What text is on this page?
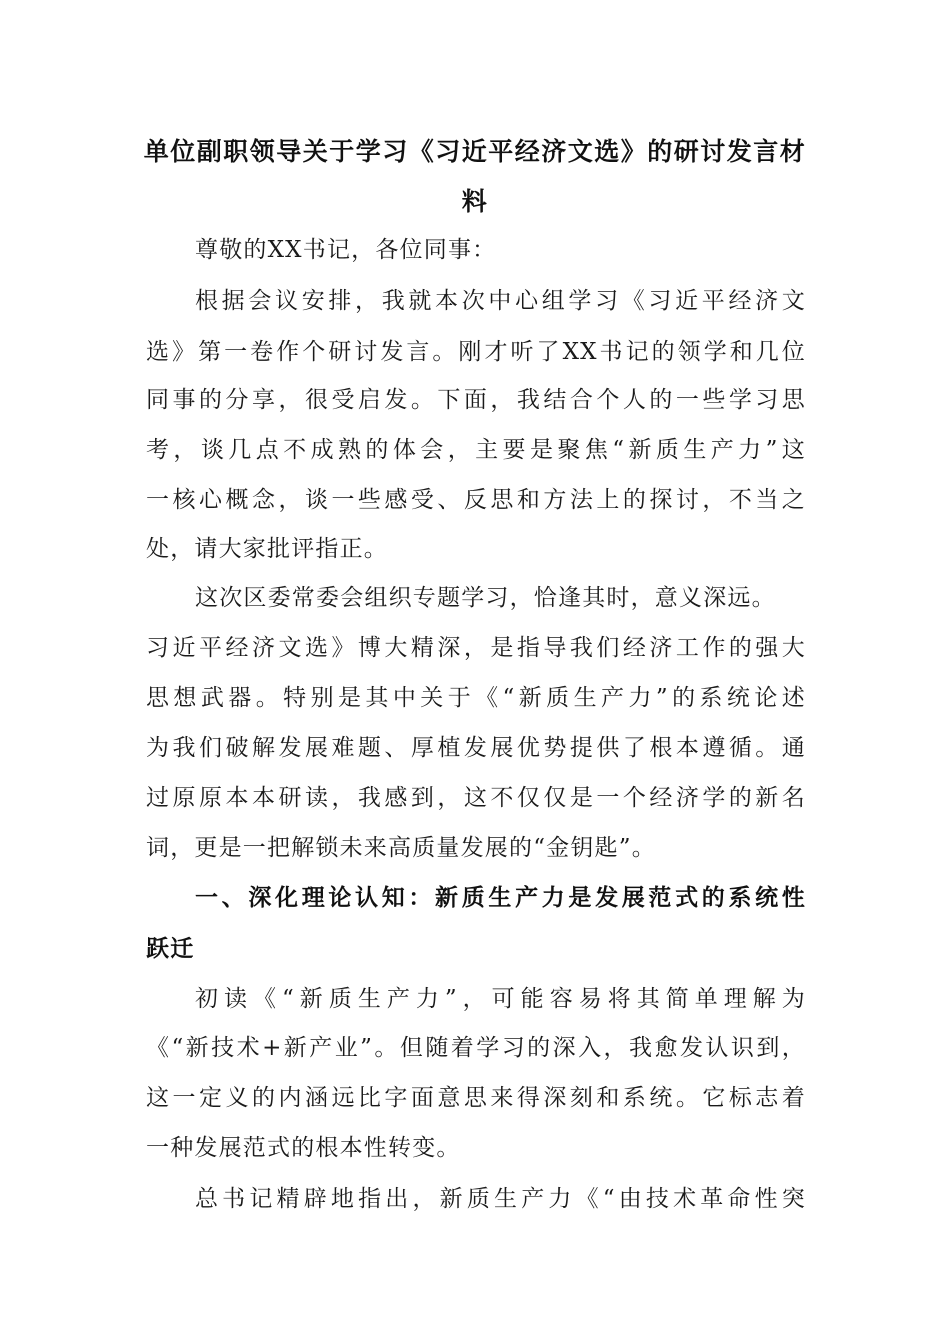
单位副职领导关于学习《习近平经济文选》的研讨发言材
料
尊敬的XX书记，各位同事：
根据会议安排，我就本次中心组学习《习近平经济文
选》第一卷作个研讨发言。刚才听了XX书记的领学和几位
同事的分享，很受启发。下面，我结合个人的一些学习思
考，谈几点不成熟的体会，主要是聚焦“新质生产力”这
一核心概念，谈一些感受、反思和方法上的探讨，不当之
处，请大家批评指正。
这次区委常委会组织专题学习，恰逢其时，意义深远。
习近平经济文选》博大精深，是指导我们经济工作的强大
思想武器。特别是其中关于《“新质生产力”的系统论述
为我们破解发展难题、厚植发展优势提供了根本遵循。通
过原原本本研读，我感到，这不仅仅是一个经济学的新名
词，更是一把解锁未来高质量发展的“金钥匙”。
一、深化理论认知：新质生产力是发展范式的系统性
跃迁
初读《“新质生产力”，可能容易将其简单理解为
《“新技术+新产业”。但随着学习的深入，我愈发认识到，
这一定义的内涵远比字面意思来得深刻和系统。它标志着
一种发展范式的根本性转变。
总书记精辟地指出，新质生产力《“由技术革命性突
